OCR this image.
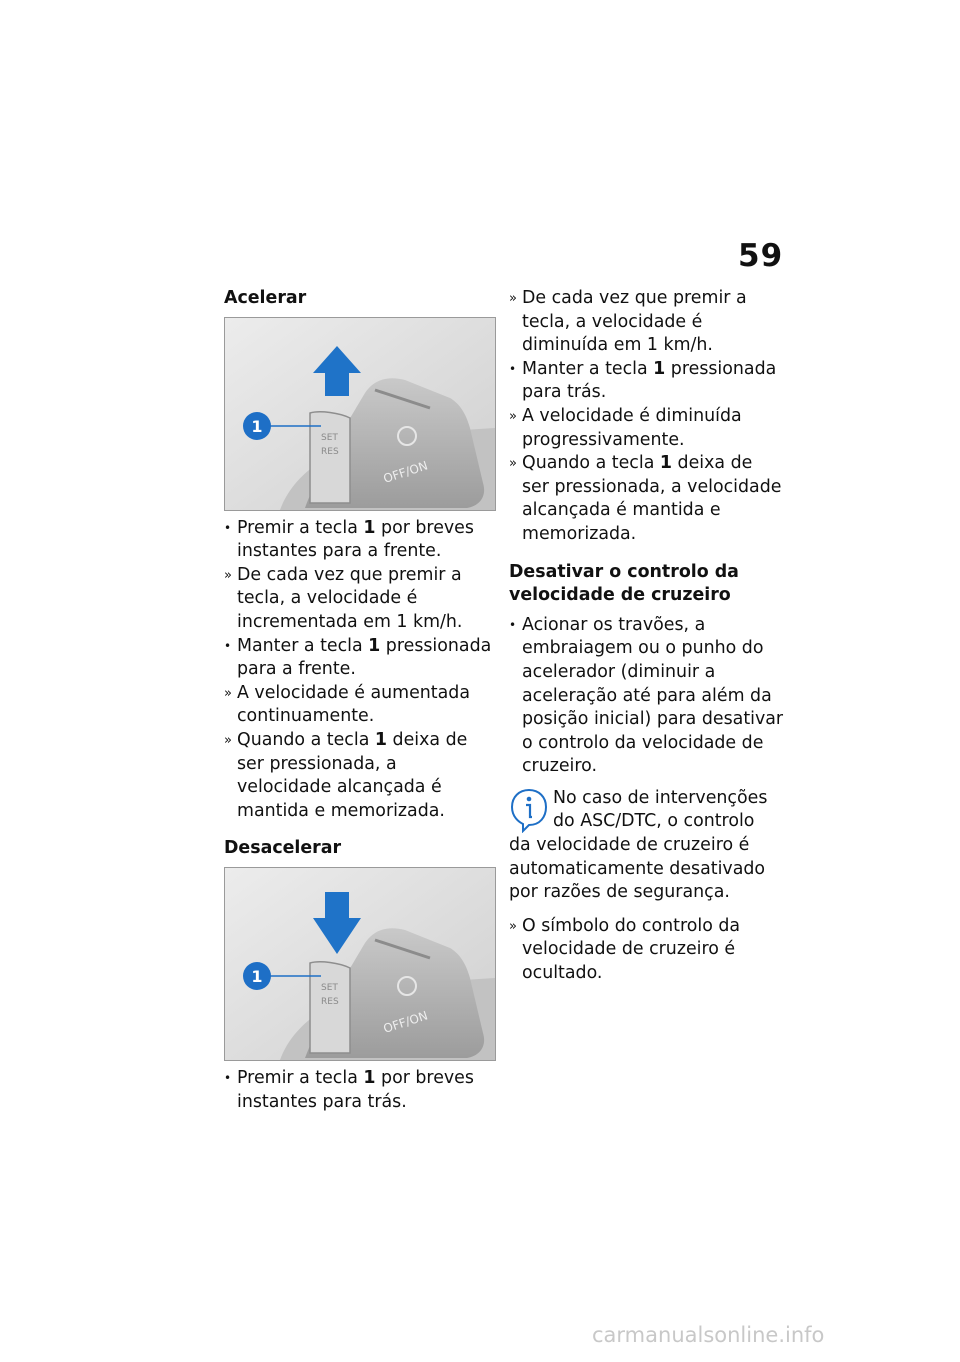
59
Acelerar
SET
RES
OFF/ON
1
• Premir a tecla 1 por breves instantes para a frente.
» De cada vez que premir a tecla, a velocidade é incrementada em 1 km/h.
• Manter a tecla 1 pressionada para a frente.
» A velocidade é aumentada continuamente.
» Quando a tecla 1 deixa de ser pressionada, a velocidade alcançada é mantida e memorizada.
Desacelerar
SET
RES
OFF/ON
1
• Premir a tecla 1 por breves instantes para trás.
» De cada vez que premir a tecla, a velocidade é diminuída em 1 km/h.
• Manter a tecla 1 pressionada para trás.
» A velocidade é diminuída progressivamente.
» Quando a tecla 1 deixa de ser pressionada, a velocidade alcançada é mantida e memorizada.
Desativar o controlo da velocidade de cruzeiro
• Acionar os travões, a embraiagem ou o punho do acelerador (diminuir a aceleração até para além da posição inicial) para desativar o controlo da velocidade de cruzeiro.
No caso de intervenções do ASC/DTC, o controlo
da velocidade de cruzeiro é automaticamente desativado por razões de segurança.
» O símbolo do controlo da velocidade de cruzeiro é ocultado.
carmanualsonline.info
